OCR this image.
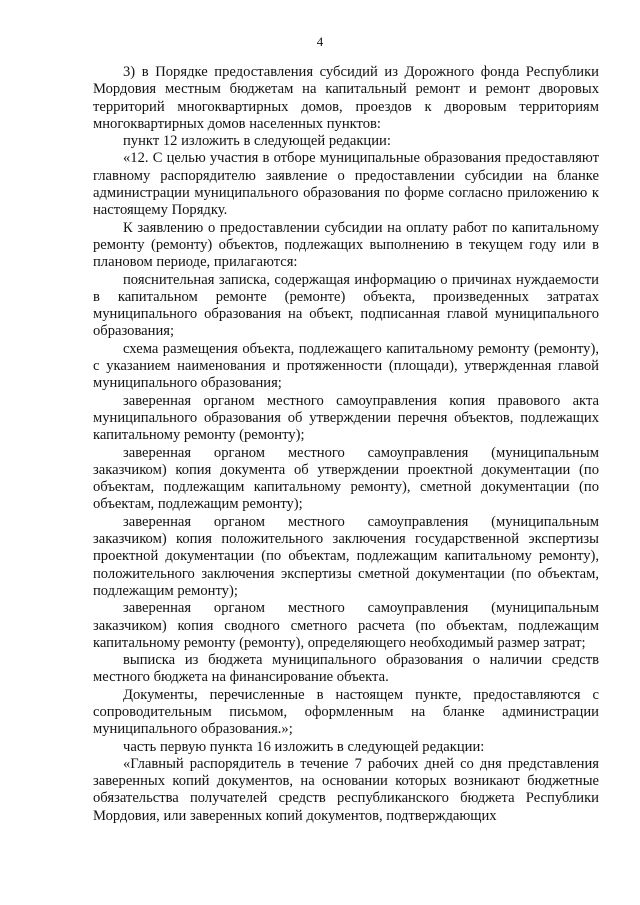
4

3) в Порядке предоставления субсидий из Дорожного фонда Республики Мордовия местным бюджетам на капитальный ремонт и ремонт дворовых территорий многоквартирных домов, проездов к дворовым территориям многоквартирных домов населенных пунктов:

пункт 12 изложить в следующей редакции:

«12. С целью участия в отборе муниципальные образования предоставляют главному распорядителю заявление о предоставлении субсидии на бланке администрации муниципального образования по форме согласно приложению к настоящему Порядку.

К заявлению о предоставлении субсидии на оплату работ по капитальному ремонту (ремонту) объектов, подлежащих выполнению в текущем году или в плановом периоде, прилагаются:

пояснительная записка, содержащая информацию о причинах нуждаемости в капитальном ремонте (ремонте) объекта, произведенных затратах муниципального образования на объект, подписанная главой муниципального образования;

схема размещения объекта, подлежащего капитальному ремонту (ремонту), с указанием наименования и протяженности (площади), утвержденная главой муниципального образования;

заверенная органом местного самоуправления копия правового акта муниципального образования об утверждении перечня объектов, подлежащих капитальному ремонту (ремонту);

заверенная органом местного самоуправления (муниципальным заказчиком) копия документа об утверждении проектной документации (по объектам, подлежащим капитальному ремонту), сметной документации (по объектам, подлежащим ремонту);

заверенная органом местного самоуправления (муниципальным заказчиком) копия положительного заключения государственной экспертизы проектной документации (по объектам, подлежащим капитальному ремонту), положительного заключения экспертизы сметной документации (по объектам, подлежащим ремонту);

заверенная органом местного самоуправления (муниципальным заказчиком) копия сводного сметного расчета (по объектам, подлежащим капитальному ремонту (ремонту), определяющего необходимый размер затрат;

выписка из бюджета муниципального образования о наличии средств местного бюджета на финансирование объекта.

Документы, перечисленные в настоящем пункте, предоставляются с сопроводительным письмом, оформленным на бланке администрации муниципального образования.»;

часть первую пункта 16 изложить в следующей редакции:

«Главный распорядитель в течение 7 рабочих дней со дня представления заверенных копий документов, на основании которых возникают бюджетные обязательства получателей средств республиканского бюджета Республики Мордовия, или заверенных копий документов, подтверждающих
